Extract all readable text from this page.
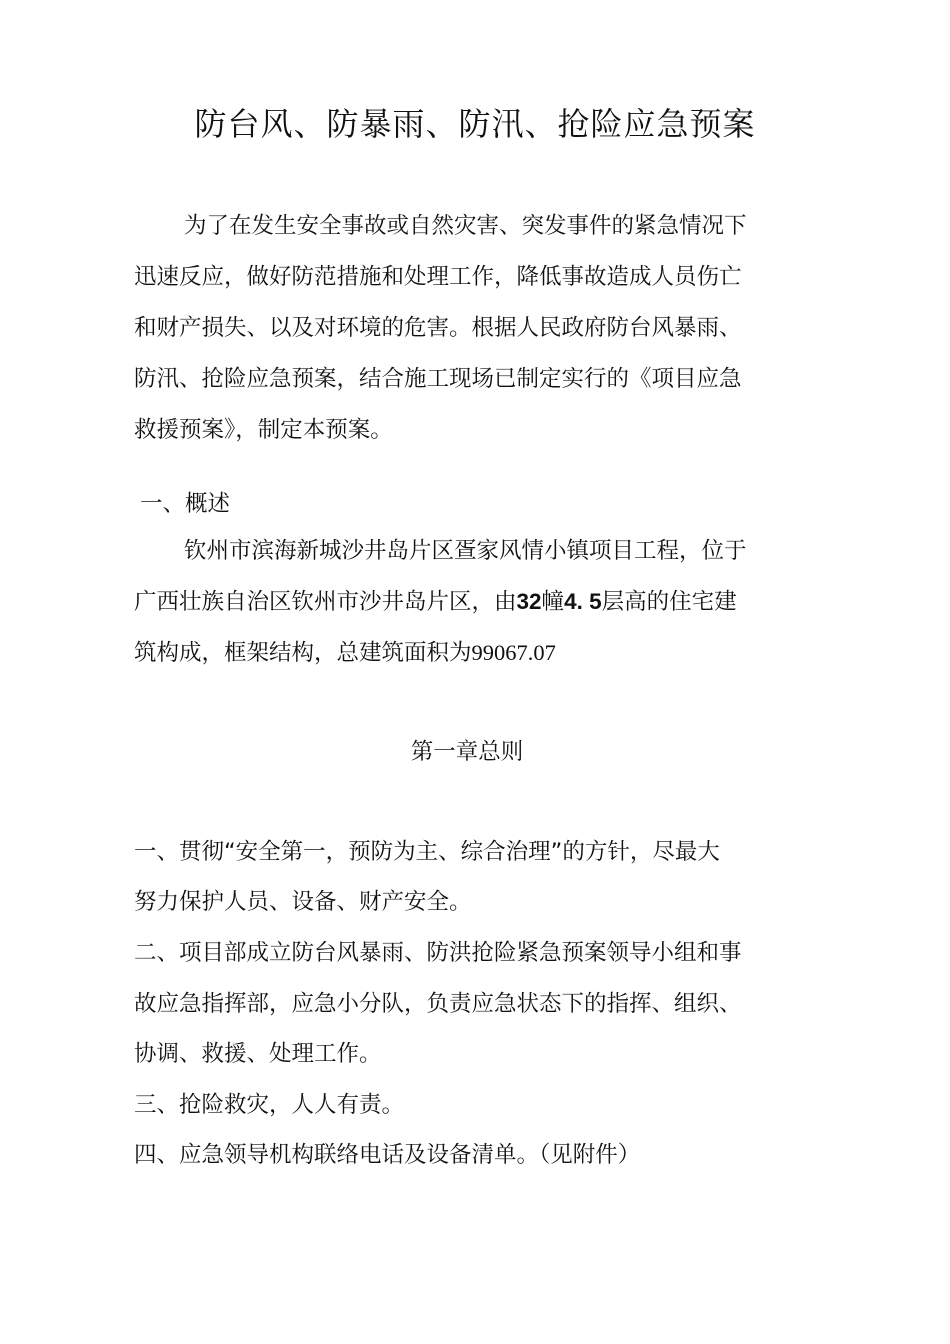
防台风、防暴雨、防汛、抢险应急预案
为了在发生安全事故或自然灾害、突发事件的紧急情况下
迅速反应，做好防范措施和处理工作，降低事故造成人员伤亡
和财产损失、以及对环境的危害。根据人民政府防台风暴雨、
防汛、抢险应急预案，结合施工现场已制定实行的《项目应急
救援预案》，制定本预案。
一、概述
钦州市滨海新城沙井岛片区疍家风情小镇项目工程，位于
广西壮族自治区钦州市沙井岛片区，由32幢4. 5层高的住宅建
筑构成，框架结构，总建筑面积为99067.07
第一章总则
一、贯彻“安全第一，预防为主、综合治理”的方针，尽最大
努力保护人员、设备、财产安全。
二、项目部成立防台风暴雨、防洪抢险紧急预案领导小组和事
故应急指挥部，应急小分队，负责应急状态下的指挥、组织、
协调、救援、处理工作。
三、抢险救灾，人人有责。
四、应急领导机构联络电话及设备清单。（见附件）
